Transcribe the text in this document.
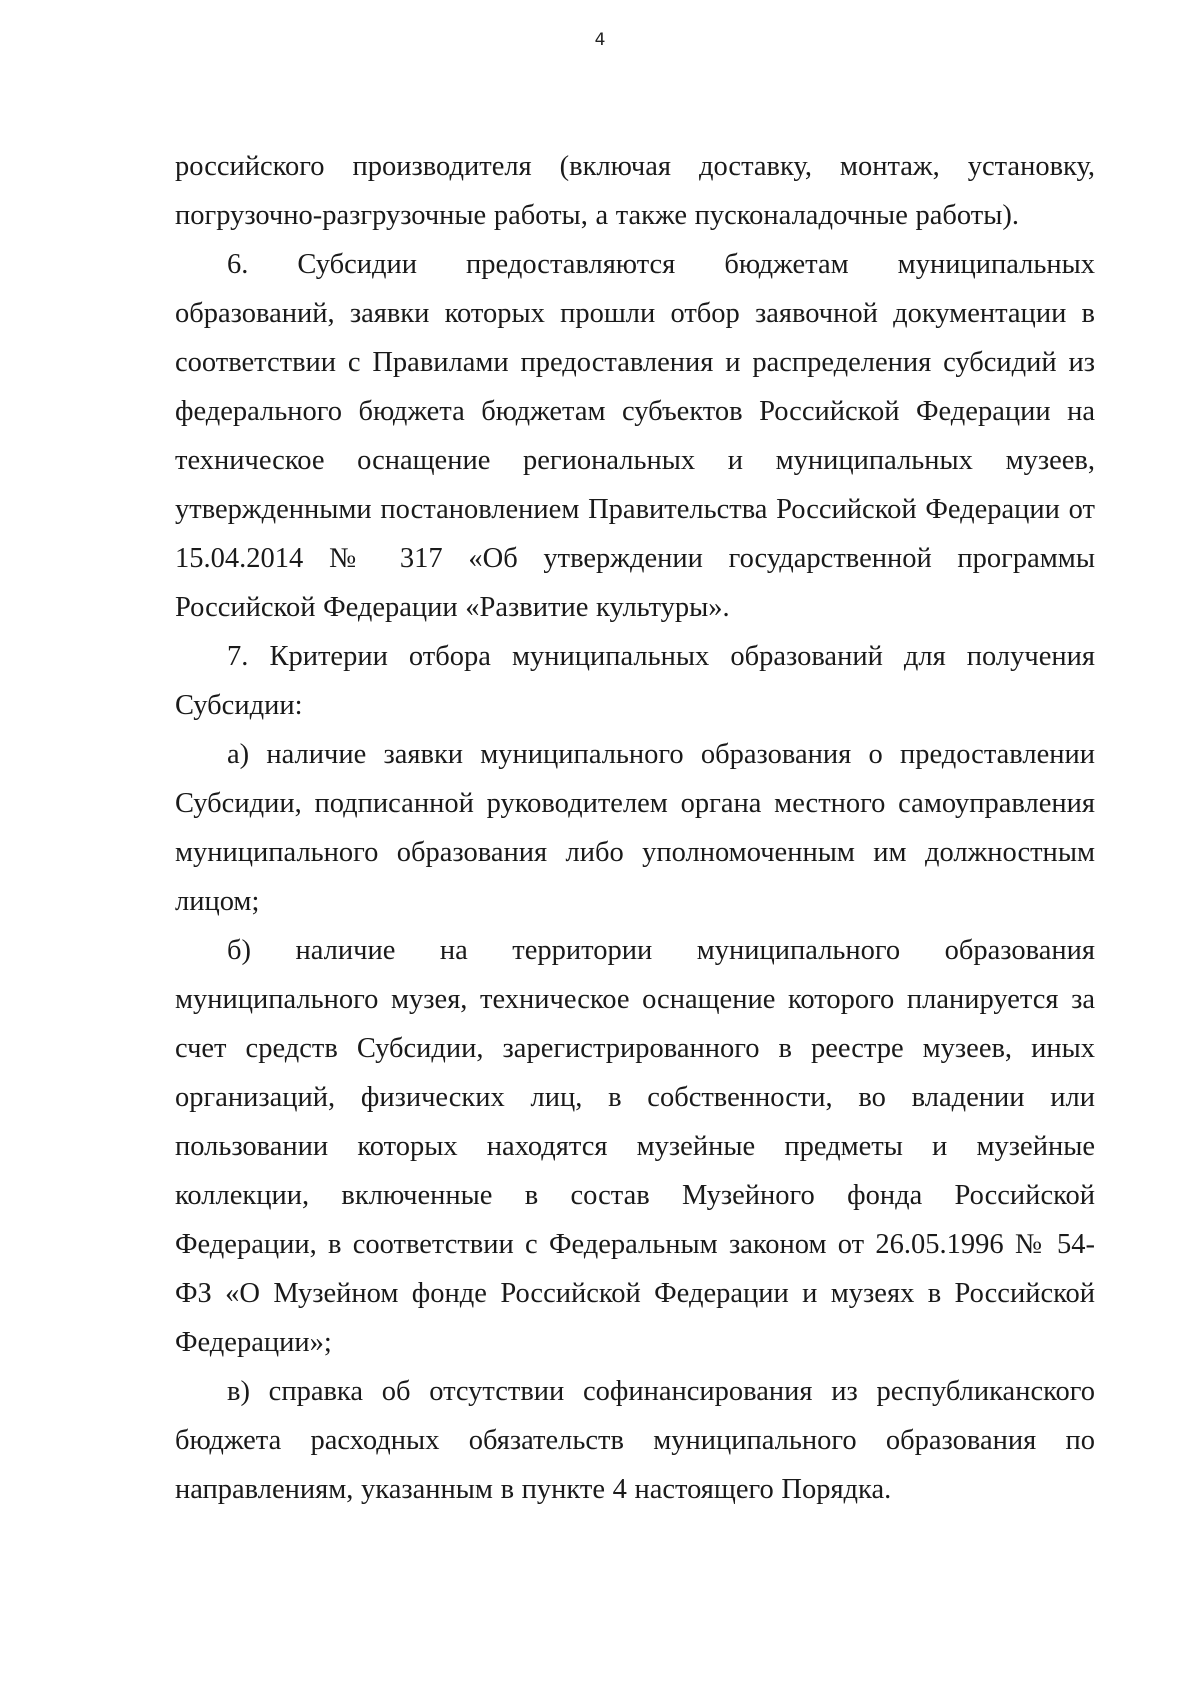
4

российского производителя (включая доставку, монтаж, установку, погрузочно-разгрузочные работы, а также пусконаладочные работы).

6. Субсидии предоставляются бюджетам муниципальных образований, заявки которых прошли отбор заявочной документации в соответствии с Правилами предоставления и распределения субсидий из федерального бюджета бюджетам субъектов Российской Федерации на техническое оснащение региональных и муниципальных музеев, утвержденными постановлением Правительства Российской Федерации от 15.04.2014 № 317 «Об утверждении государственной программы Российской Федерации «Развитие культуры».

7. Критерии отбора муниципальных образований для получения Субсидии:

а) наличие заявки муниципального образования о предоставлении Субсидии, подписанной руководителем органа местного самоуправления муниципального образования либо уполномоченным им должностным лицом;

б) наличие на территории муниципального образования муниципального музея, техническое оснащение которого планируется за счет средств Субсидии, зарегистрированного в реестре музеев, иных организаций, физических лиц, в собственности, во владении или пользовании которых находятся музейные предметы и музейные коллекции, включенные в состав Музейного фонда Российской Федерации, в соответствии с Федеральным законом от 26.05.1996 № 54-ФЗ «О Музейном фонде Российской Федерации и музеях в Российской Федерации»;

в) справка об отсутствии софинансирования из республиканского бюджета расходных обязательств муниципального образования по направлениям, указанным в пункте 4 настоящего Порядка.
